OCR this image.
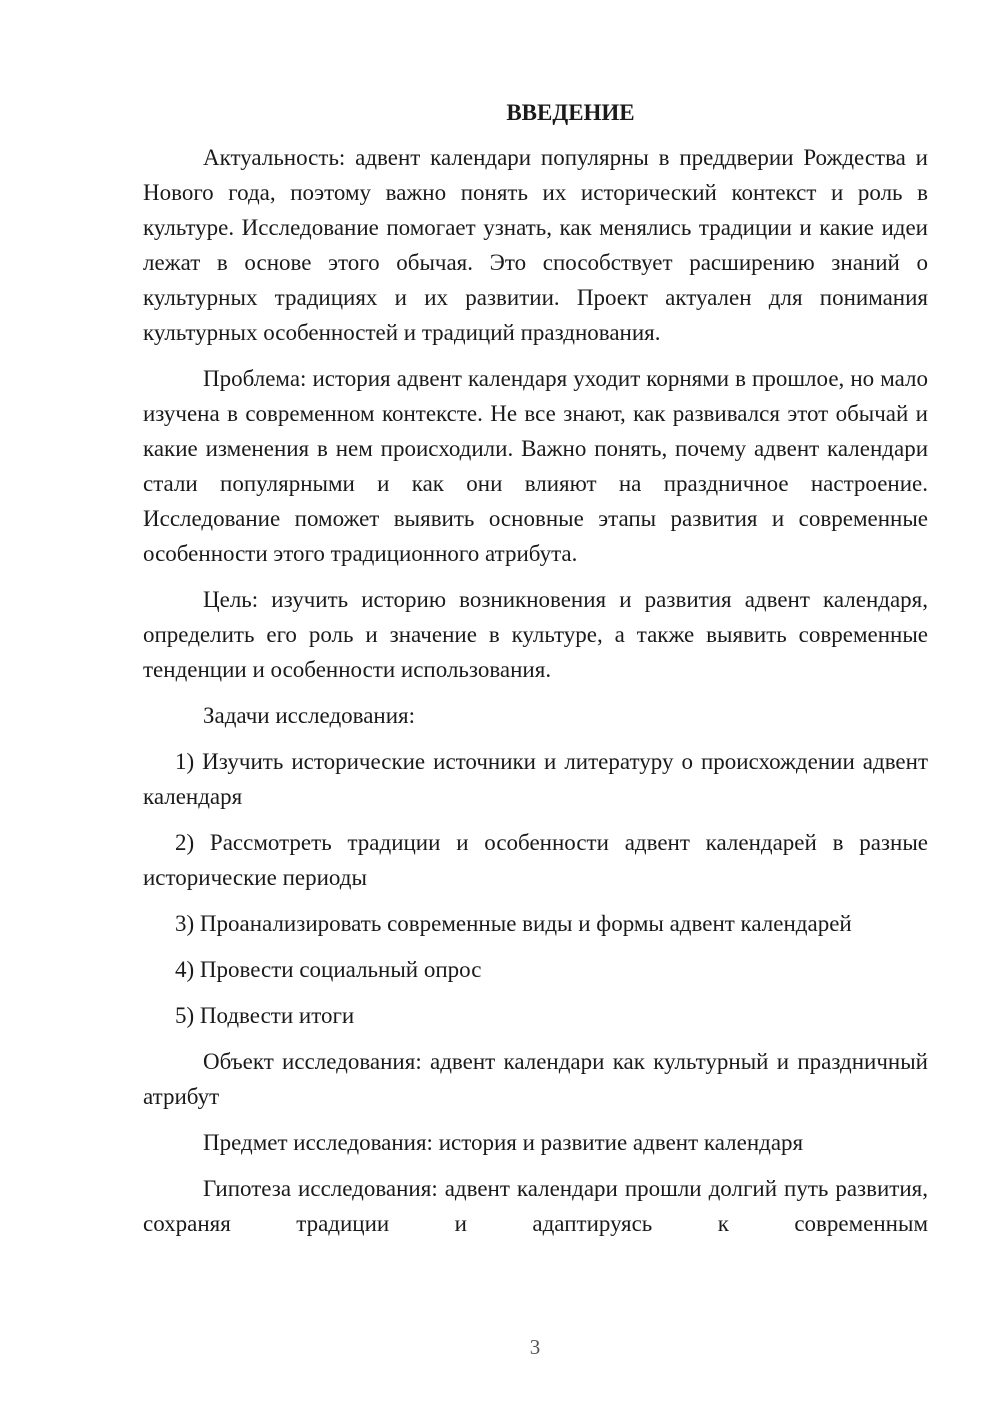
ВВЕДЕНИЕ

Актуальность: адвент календари популярны в преддверии Рождества и Нового года, поэтому важно понять их исторический контекст и роль в культуре. Исследование помогает узнать, как менялись традиции и какие идеи лежат в основе этого обычая. Это способствует расширению знаний о культурных традициях и их развитии. Проект актуален для понимания культурных особенностей и традиций празднования.

Проблема: история адвент календаря уходит корнями в прошлое, но мало изучена в современном контексте. Не все знают, как развивался этот обычай и какие изменения в нем происходили. Важно понять, почему адвент календари стали популярными и как они влияют на праздничное настроение. Исследование поможет выявить основные этапы развития и современные особенности этого традиционного атрибута.

Цель: изучить историю возникновения и развития адвент календаря, определить его роль и значение в культуре, а также выявить современные тенденции и особенности использования.

Задачи исследования:

1) Изучить исторические источники и литературу о происхождении адвент календаря

2) Рассмотреть традиции и особенности адвент календарей в разные исторические периоды

3) Проанализировать современные виды и формы адвент календарей

4) Провести социальный опрос

5) Подвести итоги

Объект исследования: адвент календари как культурный и праздничный атрибут

Предмет исследования: история и развитие адвент календаря

Гипотеза исследования: адвент календари прошли долгий путь развития, сохраняя традиции и адаптируясь к современным

3
